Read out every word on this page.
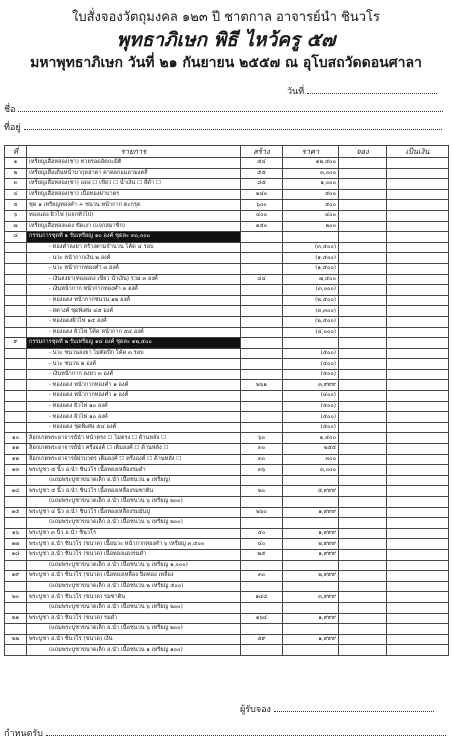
ใบสั่งจองวัตถุมงคล ๑๒๓ ปี ชาตกาล อาจารย์นำ ชินวโร
พุทธาภิเษก พิธี ไหว้ครู ๕๗
มหาพุทธาภิเษก วันที่ ๒๑ กันยายน ๒๕๕๗ ณ อุโบสถวัดดอนศาลา
วันที่
ชื่อ
ที่อยู่
ที่	รายการ	สร้าง	ราคา	จอง	เป็นเงิน
๑	เหรียญเสือหลอง(ชา) ทวยรอดอัตถะมิติ	๕๔	๑๒,๕๐๐		
๒	เหรียญเสือเดินหน้าบากุดฮาดา ตาคอกอมอามงคลี	๕๕	๓,๐๐๐		
๓	เหรียญเสือหลอง(ชา) แดง ☐ เขียว ☐ น้ำเงิน ☐ สีดำ ☐	๘๕	๑,๐๐๐		
๔	เหรียญเสือหลอง(ชา) เนื้อทองฝาบาตร	๑๔๐	๕๐๐		
๕	ชุด ๑ เหรียญทองคำ + ชนวน หน้ากาก ตะกรุด	๖๐๐	๕๐๐		
๖	ทองแดง ผิวไฟ (แจกทั่วไป)	๔๐๐	๔๐๐		
๗	เหรียญเสือทองแดง ขัดเงา (แจกสมาชิก)	๑๕๐	๒๐๐		
๘	กรรมการชุดที่ ๑ รับเหรียญ ๑๐ องค์ ชุดละ ๓๐,๐๐๐				
	- ทองคำลงยา สร้างตามจำนวน โค้ด ๔ รอบ		(๓,๕๐๐)		
	- นวะ หน้ากากเงิน ๒ องค์		(๑,๕๐๐)		
	- นวะ หน้ากากทองคำ ๓ องค์		(๑,๕๐๐)		
	- เงินลงยา(ทองแดง เขียว น้ำเงิน) รวม ๓ องค์	๔๔	๗,๕๐๐		
	- เงินหน้ากาก หน้ากากทองคำ ๓ องค์		(๓,๐๐๐)		
	- ทองแดง หน้ากากชนวน ๑๒ องค์		(๒,๕๐๐)		
	- สตางค์ ชุดพิเศษ ๔๕ องค์		(๓,๓๐๐)		
	- ทองแดงผิวไฟ ๑๕ องค์		(๒,๕๐๐)		
	- ทองแดง ผิวไฟ โค้ด หน้ากาก ๕๔ องค์		(๔,๐๐๐)		
๙	กรรมการชุดที่ ๒ รับเหรียญ ๑๔ องค์ ชุดละ ๑๒,๕๐๐				
	- นวะ ชนวนลงยา ไม่ตัดปีก โค้ด ๓ รอบ		(๕๐๐)		
	- นวะ ชนวน ๒ องค์		(๕๐๐)		
	- เงินหน้ากาก ลงยา ๓ องค์		(๕๐๐)		
	- ทองแดง หน้ากากทองคำ ๑ องค์	๒๖๑	๓,๙๙๙		
	- ทองแดง หน้ากากทองคำ ๑ องค์		(๔๐๐)		
	- ทองแดง ผิวไฟ ๑๐ องค์		(๕๐๐)		
	- ทองแดง ผิวไฟ ๑๐ องค์		(๕๐๐)		
	- ทองแดง ชุดพิเศษ ๕๔ องค์		(๕๐๐)		
๑๐	ล็อกเกตพระอาจารย์นำ หน้าตรง ☐ ไม่ตรง ☐ ด้านหลัง ☐	๖๐	๑,๕๐๐		
๑๑	ล็อกเกตพระอาจารย์นำ ครึ่งองค์ ☐ เต็มองค์ ☐ ด้านหลัง ☐	๓๐	๒๕๕		
๑๒	ล็อกเกตพระอาจารย์ฝาบาตร เต็มองค์ ☐ ครึ่งองค์ ☐ ด้านหลัง ☐	๓๐	๓๐๐		
๑๓	พระบูชา ๕ นิ้ว อ.นำ ชินวโร เนื้อทองเหลืองรมดำ	๓๖	๓,๐๐๐		
	(แถมพระบูชาขนาดเล็ก อ.นำ เนื้อชนวน ๑ เหรียญ)				
๑๔	พระบูชา ๕ นิ้ว อ.นำ ชินวโร เนื้อทองเหลืองรมซาติน	๒๐	๕,๙๙๙		
	(แถมพระบูชาขนาดเล็ก อ.นำ เนื้อชนวน ๖ เหรียญ ๒๐๐)				
๑๕	พระบูชา ๔ นิ้ว อ.นำ ชินวโร เนื้อทองเหลืองรมมันปู	๒๖๐	๑,๙๙๙		
	(แถมพระบูชาขนาดเล็ก อ.นำ เนื้อชนวน ๖ เหรียญ ๒๐๐)				
๑๖	พระบูชา ๓ นิ้ว อ.นำ ชินวโร	๕๐	๑,๙๙๙		
๑๗	พระบูชา อ.นำ ชินวโร (ขนาด) เนื้อนวะ หน้ากากทองคำ ๖ เหรียญ ๓,๕๐๐	๔๐	๒,๙๙๙		
๑๘	พระบูชา อ.นำ ชินวโร (ขนาด) เนื้อทองแดงรมดำ	๒๕	๑,๙๙๙		
	(แถมพระบูชาขนาดเล็ก อ.นำ เนื้อชนวน ๖ เหรียญ ๑,๐๐๐)				
๑๙	พระบูชา อ.นำ ชินวโร (ขนาด) เนื้อทองเหลือง ปิดทอง เหลือง	๓๐	๒,๙๙๙		
	(แถมพระบูชาขนาดเล็ก อ.นำ เนื้อชนวน ๒ เหรียญ ๕๐๐)				
๒๐	พระบูชา อ.นำ ชินวโร (ขนาด) รมซาติน	๑๔๔	๓,๙๙๙		
	(แถมพระบูชาขนาดเล็ก อ.นำ เนื้อชนวน ๖ เหรียญ ๒๐๐)				
๒๑	พระบูชา อ.นำ ชินวโร (ขนาด) รมดำ	๑๖๔	๑,๙๙๙		
	(แถมพระบูชาขนาดเล็ก อ.นำ เนื้อชนวน ๖ เหรียญ ๒๐๐)				
๒๒	พระบูชา อ.นำ ชินวโร (ขนาด) เงิน	๕๙	๑,๙๙๙		
	(แถมพระบูชาขนาดเล็ก อ.นำ เนื้อชนวน ๑ เหรียญ ๑๐๐)				
ผู้รับจอง
กำหนดรับ
